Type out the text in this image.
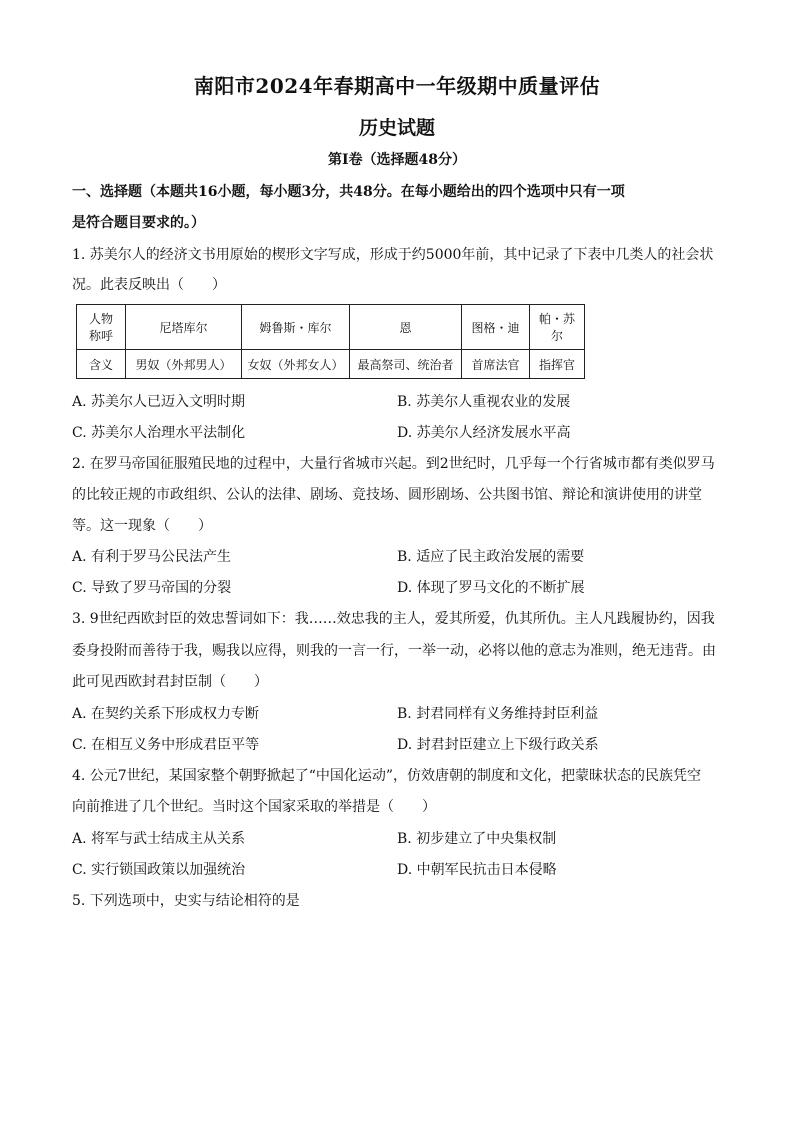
南阳市2024年春期高中一年级期中质量评估
历史试题
第Ⅰ卷（选择题48分）
一、选择题（本题共16小题，每小题3分，共48分。在每小题给出的四个选项中只有一项
是符合题目要求的。）
1. 苏美尔人的经济文书用原始的楔形文字写成，形成于约5000年前，其中记录了下表中几类人的社会状
况。此表反映出（　　）
人物
称呼	尼塔库尔	姆鲁斯・库尔	恩	图格・迪	帕・苏尔
含义	男奴（外邦男人）	女奴（外邦女人）	最高祭司、统治者	首席法官	指挥官
A. 苏美尔人已迈入文明时期	B. 苏美尔人重视农业的发展
C. 苏美尔人治理水平法制化	D. 苏美尔人经济发展水平高
2. 在罗马帝国征服殖民地的过程中，大量行省城市兴起。到2世纪时，几乎每一个行省城市都有类似罗马
的比较正规的市政组织、公认的法律、剧场、竞技场、圆形剧场、公共图书馆、辩论和演讲使用的讲堂
等。这一现象（　　）
A. 有利于罗马公民法产生	B. 适应了民主政治发展的需要
C. 导致了罗马帝国的分裂	D. 体现了罗马文化的不断扩展
3. 9世纪西欧封臣的效忠誓词如下：我……效忠我的主人，爱其所爱，仇其所仇。主人凡践履协约，因我
委身投附而善待于我，赐我以应得，则我的一言一行，一举一动，必将以他的意志为准则，绝无违背。由
此可见西欧封君封臣制（　　）
A. 在契约关系下形成权力专断	B. 封君同样有义务维持封臣利益
C. 在相互义务中形成君臣平等	D. 封君封臣建立上下级行政关系
4. 公元7世纪，某国家整个朝野掀起了“中国化运动”，仿效唐朝的制度和文化，把蒙昧状态的民族凭空
向前推进了几个世纪。当时这个国家采取的举措是（　　）
A. 将军与武士结成主从关系	B. 初步建立了中央集权制
C. 实行锁国政策以加强统治	D. 中朝军民抗击日本侵略
5. 下列选项中，史实与结论相符的是
